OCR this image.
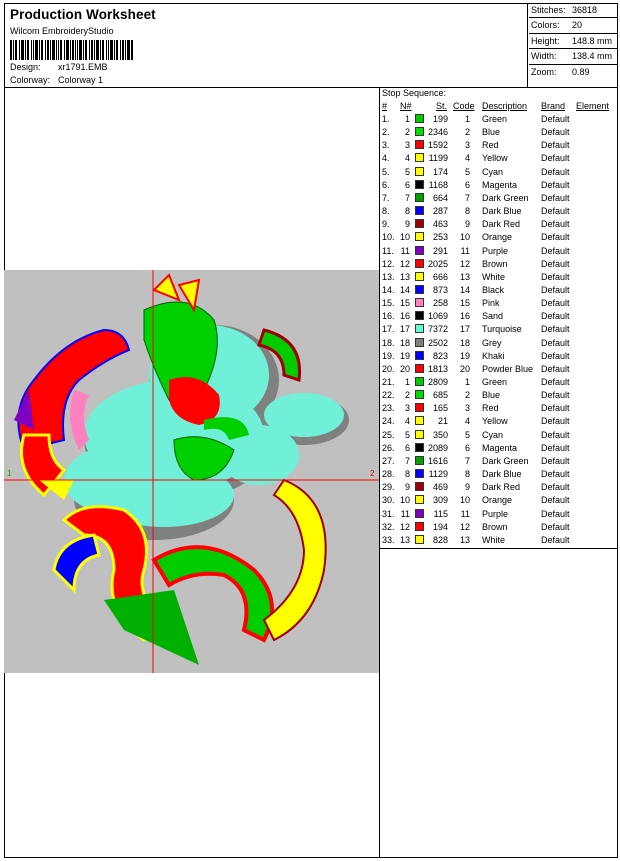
Production Worksheet
Wilcom EmbroideryStudio
Design: xr1791.EMB
Colorway: Colorway 1
Stitches: 36818
Colors: 20
Height: 148.8 mm
Width: 138.4 mm
Zoom: 0.89
1	2
Stop Sequence:
# N#	St. Code Description Brand Element
1.	1	199	1 Green	Default
2.	2	2346	2 Blue	Default
3.	3	1592	3 Red	Default
4.	4	1199	4 Yellow	Default
5.	5	174	5 Cyan	Default
6.	6	1168	6 Magenta	Default
7.	7	664	7 Dark Green Default
8.	8	287	8 Dark Blue Default
9.	9	463	9 Dark Red Default
10. 10	253 10 Orange	Default
11. 11	291 11 Purple	Default
12. 12	2025 12 Brown	Default
13. 13	666 13 White	Default
14. 14	873 14 Black	Default
15. 15	258 15 Pink	Default
16. 16	1069 16 Sand	Default
17. 17	7372 17 Turquoise Default
18. 18	2502 18 Grey	Default
19. 19	823 19 Khaki	Default
20. 20	1813 20 Powder Blue Default
21.	1	2809	1 Green	Default
22.	2	685	2 Blue	Default
23.	3	165	3 Red	Default
24.	4	21	4 Yellow	Default
25.	5	350	5 Cyan	Default
26.	6	2089	6 Magenta	Default
27.	7	1616	7 Dark Green Default
28.	8	1129	8 Dark Blue Default
29.	9	469	9 Dark Red Default
30. 10	309 10 Orange	Default
31. 11	115 11 Purple	Default
32. 12	194 12 Brown	Default
33. 13	828 13 White	Default
